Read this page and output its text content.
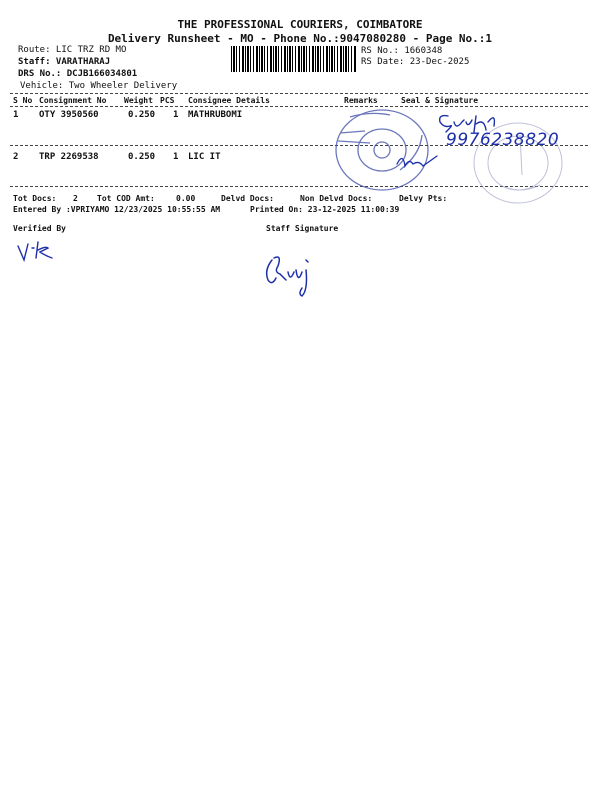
THE PROFESSIONAL COURIERS, COIMBATORE
Delivery Runsheet - MO - Phone No.:9047080280 - Page No.:1
Route: LIC TRZ RD MO
Staff: VARATHARAJ
DRS No.: DCJB166034801
Vehicle: Two Wheeler Delivery
RS No.: 1660348
RS Date: 23-Dec-2025
S No Consignment No Weight PCS Consignee Details	Remarks	Seal & Signature
1 OTY 3950560	0.250 1 MATHRUBOMI
2 TRP 2269538	0.250 1 LIC IT
Tot Docs: 2 Tot COD Amt:	0.00	Delvd Docs:	Non Delvd Docs:	Delvy Pts:
Entered By :VPRIYAMO 12/23/2025 10:55:55 AM	Printed On: 23-12-2025 11:00:39
Verified By	Staff Signature
9976238820
